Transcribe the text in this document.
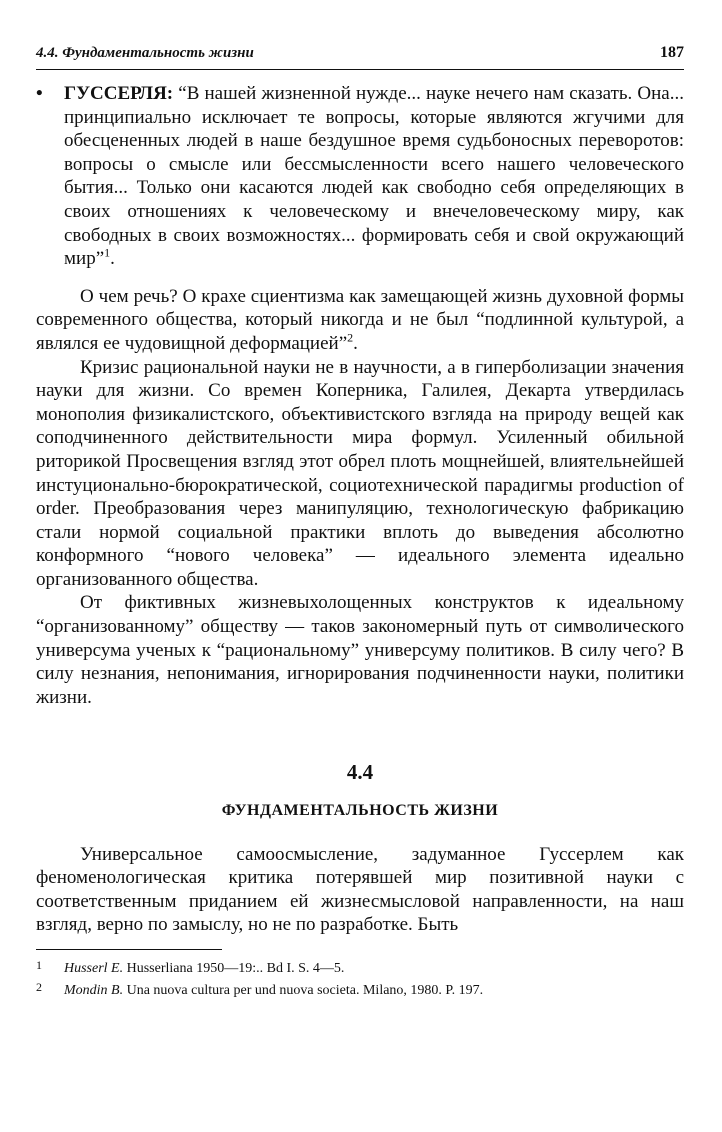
4.4. Фундаментальность жизни	187
•	ГУССЕРЛЯ: “В нашей жизненной нужде... науке нечего нам сказать. Она... принципиально исключает те вопросы, которые являются жгучими для обесцененных людей в наше бездушное время судьбоносных переворотов: вопросы о смысле или бессмысленности всего нашего человеческого бытия... Только они касаются людей как свободно себя определяющих в своих отношениях к человеческому и внечеловеческому миру, как свободных в своих возможностях... формировать себя и свой окружающий мир”$^1$.

О чем речь? О крахе сциентизма как замещающей жизнь духовной формы современного общества, который никогда и не был “подлинной культурой, а являлся ее чудовищной деформацией”$^2$.

Кризис рациональной науки не в научности, а в гиперболизации значения науки для жизни. Со времен Коперника, Галилея, Декарта утвердилась монополия физикалистского, объективистского взгляда на природу вещей как соподчиненного действительности мира формул. Усиленный обильной риторикой Просвещения взгляд этот обрел плоть мощнейшей, влиятельнейшей инстуционально-бюрократической, социотехнической парадигмы production of order. Преобразования через манипуляцию, технологическую фабрикацию стали нормой социальной практики вплоть до выведения абсолютно конформного “нового человека” — идеального элемента идеально организованного общества.

От фиктивных жизневыхолощенных конструктов к идеальному “организованному” обществу — таков закономерный путь от символического универсума ученых к “рациональному” универсуму политиков. В силу чего? В силу незнания, непонимания, игнорирования подчиненности науки, политики жизни.

4.4
ФУНДАМЕНТАЛЬНОСТЬ ЖИЗНИ

Универсальное самоосмысление, задуманное Гуссерлем как феноменологическая критика потерявшей мир позитивной науки с соответственным приданием ей жизнесмысловой направленности, на наш взгляд, верно по замыслу, но не по разработке. Быть

1	Husserl E. Husserliana 1950—19:.. Bd I. S. 4—5.
2	Mondin B. Una nuova cultura per und nuova societa. Milano, 1980. P. 197.
